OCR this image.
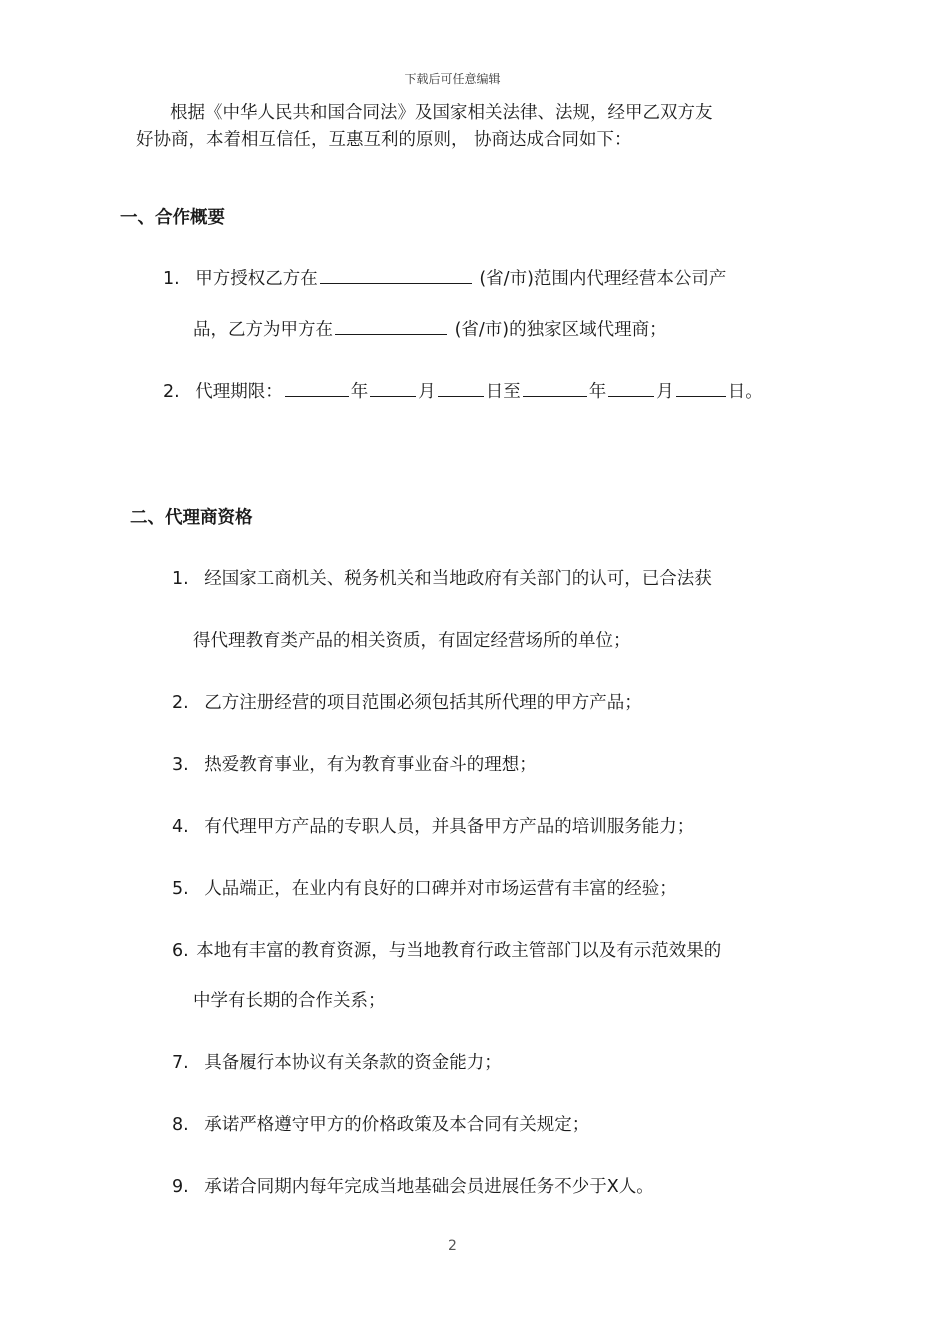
下载后可任意编辑
根据《中华人民共和国合同法》及国家相关法律、法规，经甲乙双方友
好协商，本着相互信任，互惠互利的原则， 协商达成合同如下：
一、合作概要
1. 甲方授权乙方在	(省/市)范围内代理经营本公司产
品，乙方为甲方在	(省/市)的独家区域代理商；
2. 代理期限：	年	月	日至	年	月	日。
二、代理商资格
1. 经国家工商机关、税务机关和当地政府有关部门的认可，已合法获
得代理教育类产品的相关资质，有固定经营场所的单位；
2. 乙方注册经营的项目范围必须包括其所代理的甲方产品；
3. 热爱教育事业，有为教育事业奋斗的理想；
4. 有代理甲方产品的专职人员，并具备甲方产品的培训服务能力；
5. 人品端正，在业内有良好的口碑并对市场运营有丰富的经验；
6. 本地有丰富的教育资源，与当地教育行政主管部门以及有示范效果的
中学有长期的合作关系；
7. 具备履行本协议有关条款的资金能力；
8. 承诺严格遵守甲方的价格政策及本合同有关规定；
9. 承诺合同期内每年完成当地基础会员进展任务不少于X人。
2
